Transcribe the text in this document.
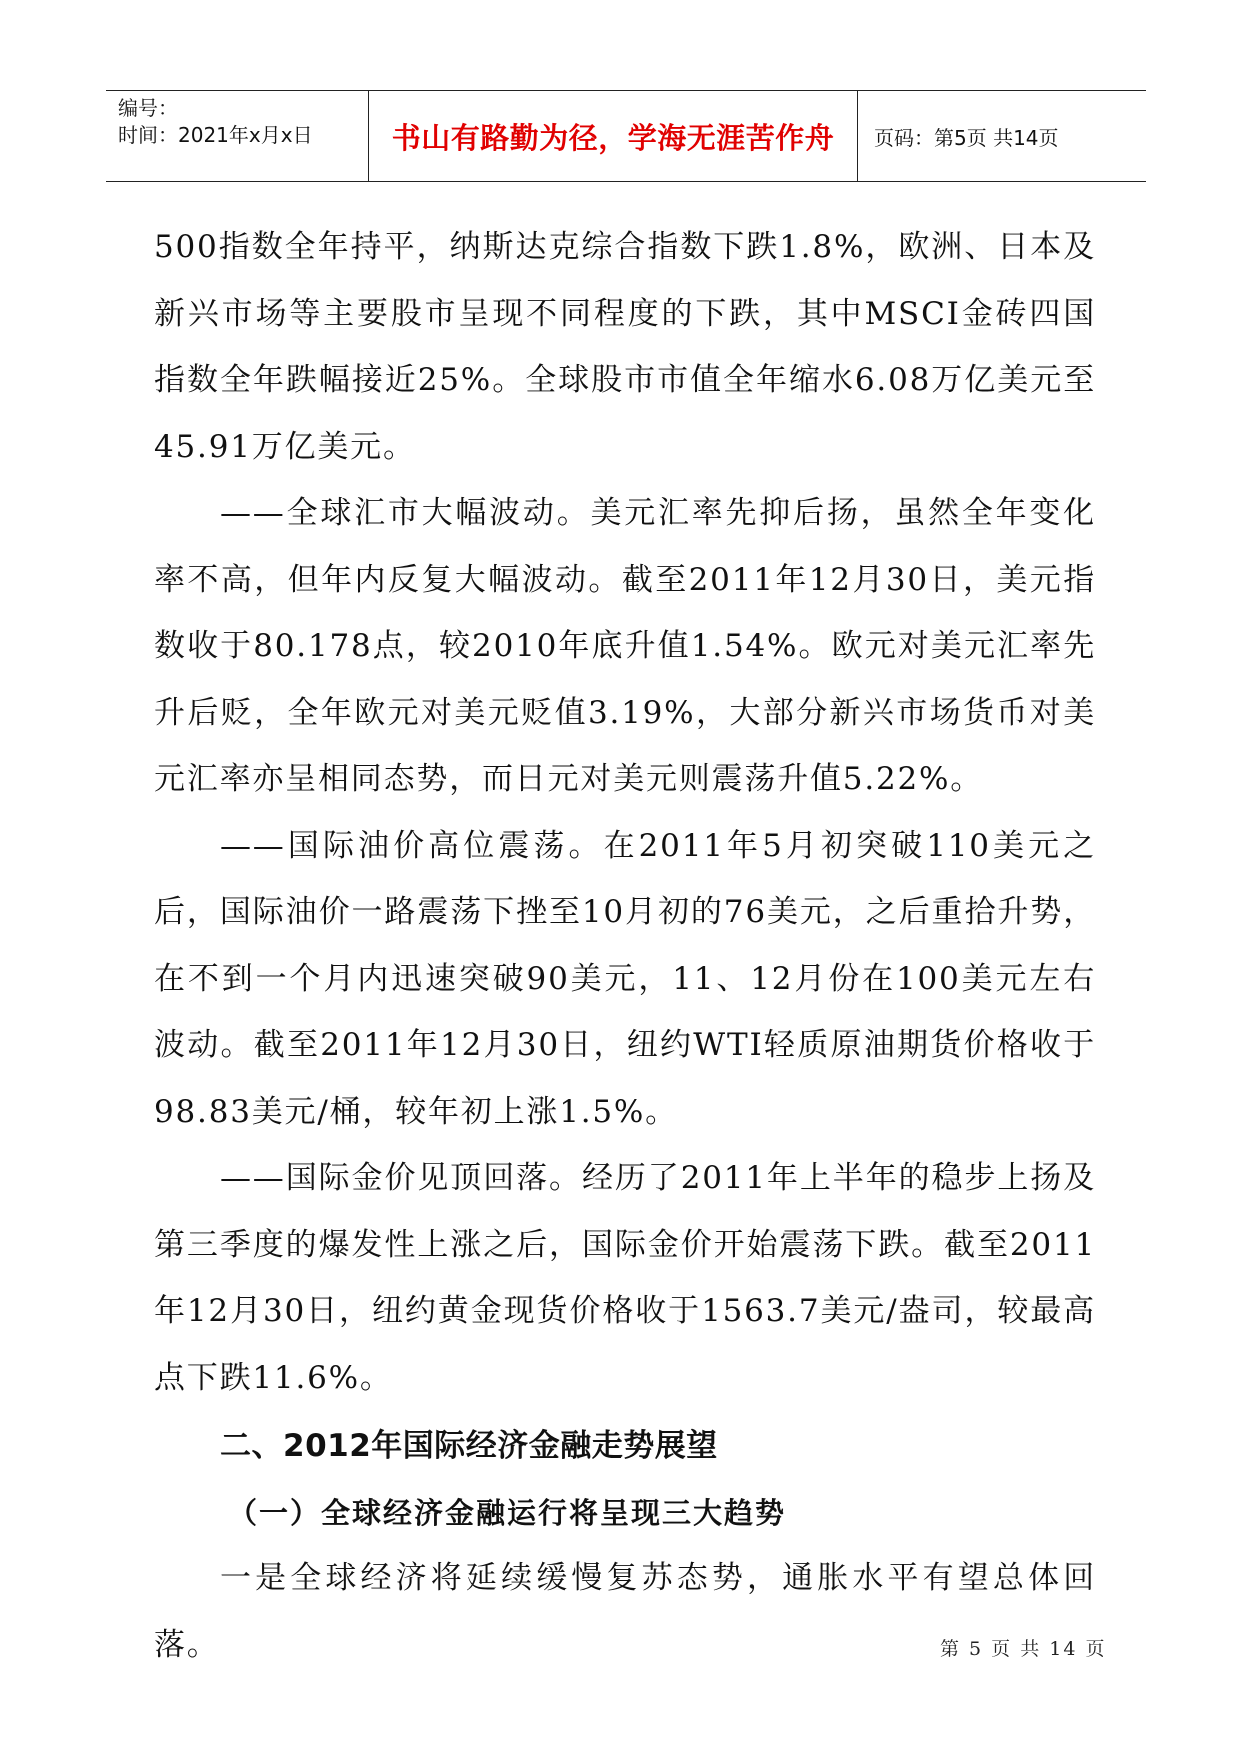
编号：
时间：2021年x月x日	书山有路勤为径，学海无涯苦作舟	页码：第5页 共14页

500指数全年持平，纳斯达克综合指数下跌1.8%，欧洲、日本及新兴市场等主要股市呈现不同程度的下跌，其中MSCI金砖四国指数全年跌幅接近25%。全球股市市值全年缩水6.08万亿美元至45.91万亿美元。

——全球汇市大幅波动。美元汇率先抑后扬，虽然全年变化率不高，但年内反复大幅波动。截至2011年12月30日，美元指数收于80.178点，较2010年底升值1.54%。欧元对美元汇率先升后贬，全年欧元对美元贬值3.19%，大部分新兴市场货币对美元汇率亦呈相同态势，而日元对美元则震荡升值5.22%。

——国际油价高位震荡。在2011年5月初突破110美元之后，国际油价一路震荡下挫至10月初的76美元，之后重拾升势，在不到一个月内迅速突破90美元，11、12月份在100美元左右波动。截至2011年12月30日，纽约WTI轻质原油期货价格收于98.83美元/桶，较年初上涨1.5%。

——国际金价见顶回落。经历了2011年上半年的稳步上扬及第三季度的爆发性上涨之后，国际金价开始震荡下跌。截至2011年12月30日，纽约黄金现货价格收于1563.7美元/盎司，较最高点下跌11.6%。

二、2012年国际经济金融走势展望
（一）全球经济金融运行将呈现三大趋势

一是全球经济将延续缓慢复苏态势，通胀水平有望总体回落。	第 5 页 共 14 页
